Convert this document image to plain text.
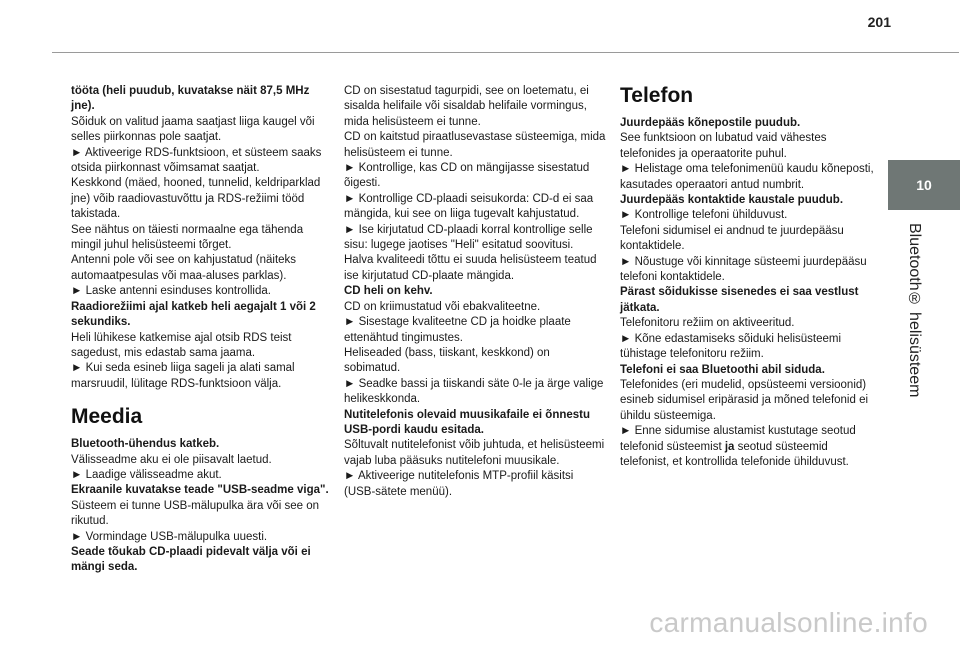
201
10
Bluetooth® helisüsteem

tööta (heli puudub, kuvatakse näit 87,5 MHz jne).

Sõiduk on valitud jaama saatjast liiga kaugel või selles piirkonnas pole saatjat.

► Aktiveerige RDS-funktsioon, et süsteem saaks otsida piirkonnast võimsamat saatjat.

Keskkond (mäed, hooned, tunnelid, keldriparklad jne) võib raadiovastuvõttu ja RDS-režiimi tööd takistada.

See nähtus on täiesti normaalne ega tähenda mingil juhul helisüsteemi tõrget.

Antenni pole või see on kahjustatud (näiteks automaatpesulas või maa-aluses parklas).

► Laske antenni esinduses kontrollida.

Raadiorežiimi ajal katkeb heli aegajalt 1 või 2 sekundiks.

Heli lühikese katkemise ajal otsib RDS teist sagedust, mis edastab sama jaama.

► Kui seda esineb liiga sageli ja alati samal marsruudil, lülitage RDS-funktsioon välja.

Meedia

Bluetooth-ühendus katkeb.

Välisseadme aku ei ole piisavalt laetud.

► Laadige välisseadme akut.

Ekraanile kuvatakse teade "USB-seadme viga".

Süsteem ei tunne USB-mälupulka ära või see on rikutud.

► Vormindage USB-mälupulka uuesti.

Seade tõukab CD-plaadi pidevalt välja või ei mängi seda.

CD on sisestatud tagurpidi, see on loetematu, ei sisalda helifaile või sisaldab helifaile vormingus, mida helisüsteem ei tunne.

CD on kaitstud piraatlusevastase süsteemiga, mida helisüsteem ei tunne.

► Kontrollige, kas CD on mängijasse sisestatud õigesti.

► Kontrollige CD-plaadi seisukorda: CD-d ei saa mängida, kui see on liiga tugevalt kahjustatud.

► Ise kirjutatud CD-plaadi korral kontrollige selle sisu: lugege jaotises "Heli" esitatud soovitusi.

Halva kvaliteedi tõttu ei suuda helisüsteem teatud ise kirjutatud CD-plaate mängida.

CD heli on kehv.

CD on kriimustatud või ebakvaliteetne.

► Sisestage kvaliteetne CD ja hoidke plaate ettenähtud tingimustes.

Heliseaded (bass, tiiskant, keskkond) on sobimatud.

► Seadke bassi ja tiiskandi säte 0-le ja ärge valige helikeskkonda.

Nutitelefonis olevaid muusikafaile ei õnnestu USB-pordi kaudu esitada.

Sõltuvalt nutitelefonist võib juhtuda, et helisüsteemi vajab luba pääsuks nutitelefoni muusikale.

► Aktiveerige nutitelefonis MTP-profiil käsitsi (USB-sätete menüü).

Telefon

Juurdepääs kõnepostile puudub.

See funktsioon on lubatud vaid vähestes telefonides ja operaatorite puhul.

► Helistage oma telefonimenüü kaudu kõneposti, kasutades operaatori antud numbrit.

Juurdepääs kontaktide kaustale puudub.

► Kontrollige telefoni ühilduvust.

Telefoni sidumisel ei andnud te juurdepääsu kontaktidele.

► Nõustuge või kinnitage süsteemi juurdepääsu telefoni kontaktidele.

Pärast sõidukisse sisenedes ei saa vestlust jätkata.

Telefonitoru režiim on aktiveeritud.

► Kõne edastamiseks sõiduki helisüsteemi tühistage telefonitoru režiim.

Telefoni ei saa Bluetoothi abil siduda.

Telefonides (eri mudelid, opsüsteemi versioonid) esineb sidumisel eripärasid ja mõned telefonid ei ühildu süsteemiga.

► Enne sidumise alustamist kustutage seotud telefonid süsteemist ja seotud süsteemid telefonist, et kontrollida telefonide ühilduvust.

carmanualsonline.info
